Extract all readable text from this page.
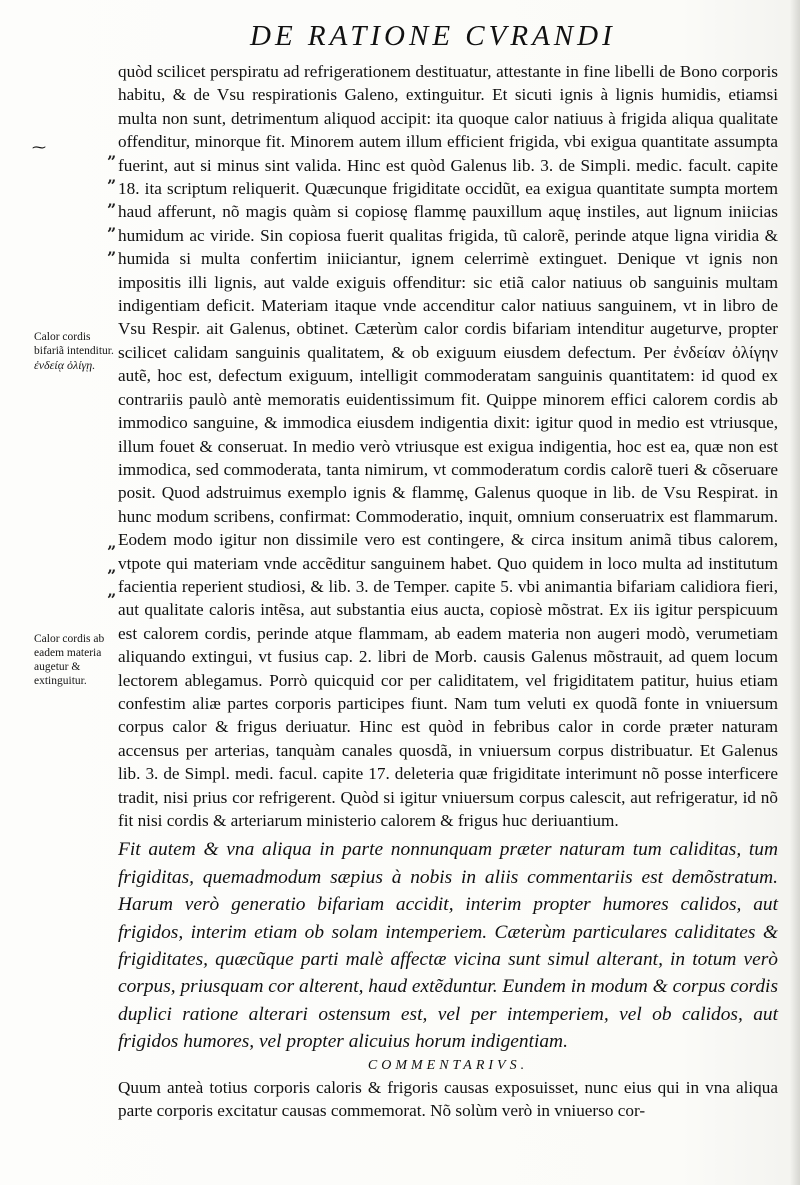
DE RATIONE CVRANDI
⁓
”
”
”
”
”
”
”
”
Calor cordis bifariã intenditur.
ἐνδείᾳ ὀλίγῃ.
Calor cordis ab eadem materia augetur & extinguitur.

quòd scilicet perspiratu ad refrigerationem destituatur, attestante in fine libelli de Bono corporis habitu, & de Vsu respirationis Galeno, extinguitur. Et sicuti ignis à lignis humidis, etiamsi multa non sunt, detrimentum aliquod accipit: ita quoque calor natiuus à frigida aliqua qualitate offenditur, minorque fit. Minorem autem illum efficient frigida, vbi exigua quantitate assumpta fuerint, aut si minus sint valida. Hinc est quòd Galenus lib. 3. de Simpli. medic. facult. capite 18. ita scriptum reliquerit. Quæcunque frigiditate occidũt, ea exigua quantitate sumpta mortem haud afferunt, nõ magis quàm si copiosę flammę pauxillum aquę instiles, aut lignum iniicias humidum ac viride. Sin copiosa fuerit qualitas frigida, tũ calorẽ, perinde atque ligna viridia & humida si multa confertim iniiciantur, ignem celerrimè extinguet. Denique vt ignis non impositis illi lignis, aut valde exiguis offenditur: sic etiã calor natiuus ob sanguinis multam indigentiam deficit. Materiam itaque vnde accenditur calor natiuus sanguinem, vt in libro de Vsu Respir. ait Galenus, obtinet. Cæterùm calor cordis bifariam intenditur augeturve, propter scilicet calidam sanguinis qualitatem, & ob exiguum eiusdem defectum. Per ἐνδείαν ὀλίγην autẽ, hoc est, defectum exiguum, intelligit commoderatam sanguinis quantitatem: id quod ex contrariis paulò antè memoratis euidentissimum fit. Quippe minorem effici calorem cordis ab immodico sanguine, & immodica eiusdem indigentia dixit: igitur quod in medio est vtriusque, illum fouet & conseruat. In medio verò vtriusque est exigua indigentia, hoc est ea, quæ non est immodica, sed commoderata, tanta nimirum, vt commoderatum cordis calorẽ tueri & cõseruare posit. Quod adstruimus exemplo ignis & flammę, Galenus quoque in lib. de Vsu Respirat. in hunc modum scribens, confirmat: Commoderatio, inquit, omnium conseruatrix est flammarum. Eodem modo igitur non dissimile vero est contingere, & circa insitum animã tibus calorem, vtpote qui materiam vnde accẽditur sanguinem habet. Quo quidem in loco multa ad institutum facientia reperient studiosi, & lib. 3. de Temper. capite 5. vbi animantia bifariam calidiora fieri, aut qualitate caloris intẽsa, aut substantia eius aucta, copiosè mõstrat. Ex iis igitur perspicuum est calorem cordis, perinde atque flammam, ab eadem materia non augeri modò, verumetiam aliquando extingui, vt fusius cap. 2. libri de Morb. causis Galenus mõstrauit, ad quem locum lectorem ablegamus. Porrò quicquid cor per caliditatem, vel frigiditatem patitur, huius etiam confestim aliæ partes corporis participes fiunt. Nam tum veluti ex quodã fonte in vniuersum corpus calor & frigus deriuatur. Hinc est quòd in febribus calor in corde præter naturam accensus per arterias, tanquàm canales quosdã, in vniuersum corpus distribuatur. Et Galenus lib. 3. de Simpl. medi. facul. capite 17. deleteria quæ frigiditate interimunt nõ posse interficere tradit, nisi prius cor refrigerent. Quòd si igitur vniuersum corpus calescit, aut refrigeratur, id nõ fit nisi cordis & arteriarum ministerio calorem & frigus huc deriuantium.

Fit autem & vna aliqua in parte nonnunquam præter naturam tum caliditas, tum frigiditas, quemadmodum sæpius à nobis in aliis commentariis est demõstratum. Harum verò generatio bifariam accidit, interim propter humores calidos, aut frigidos, interim etiam ob solam intemperiem. Cæterùm particulares caliditates & frigiditates, quæcũque parti malè affectæ vicina sunt simul alterant, in totum verò corpus, priusquam cor alterent, haud extẽduntur. Eundem in modum & corpus cordis duplici ratione alterari ostensum est, vel per intemperiem, vel ob calidos, aut frigidos humores, vel propter alicuius horum indigentiam.

COMMENTARIVS.

Quum anteà totius corporis caloris & frigoris causas exposuisset, nunc eius qui in vna aliqua parte corporis excitatur causas commemorat. Nõ solùm verò in vniuerso cor-
